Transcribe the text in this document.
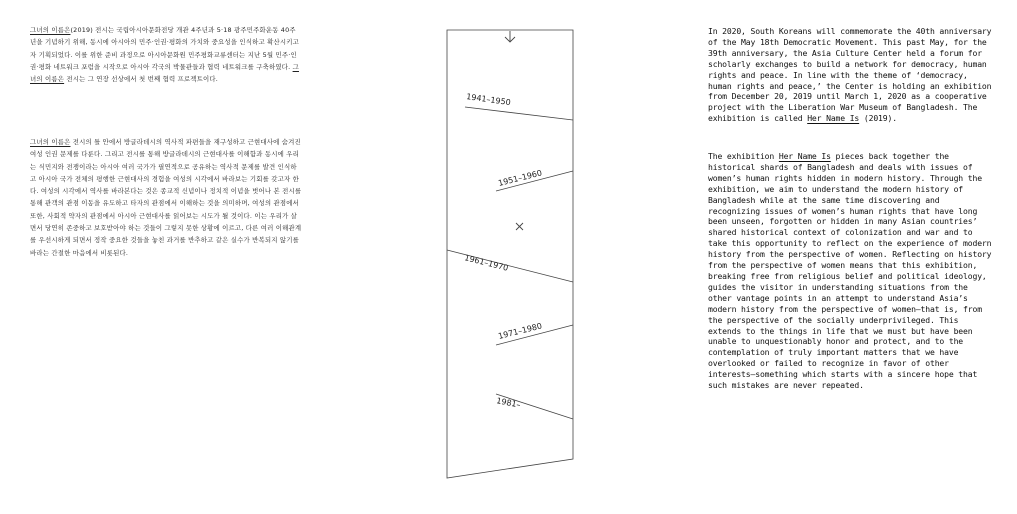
그녀의 이름은(2019) 전시는 국립아시아문화전당 개관 4주년과 5·18 광주민주화운동 40주년을 기념하기 위해, 동시에 아시아의 민주·인권·평화의 가치와 중요성을 인식하고 확산시키고자 기획되었다. 이를 위한 준비 과정으로 아시아문화원 민주평화교류센터는 지난 5월 민주·인권·평화 네트워크 포럼을 시작으로 아시아 각국의 박물관들과 협력 네트워크를 구축하였다. 그녀의 이름은 전시는 그 연장 선상에서 첫 번째 협력 프로젝트이다.

그녀의 이름은 전시의 틀 안에서 방글라데시의 역사적 파편들을 재구성하고 근현대사에 숨겨진 여성 인권 문제를 다룬다. 그리고 전시를 통해 방글라데시의 근현대사를 이해함과 동시에 우리는 식민지와 전쟁이라는 아시아 여러 국가가 필연적으로 공유하는 역사적 문제를 발견 인식하고 아시아 국가 전체의 평행한 근현대사의 경험을 여성의 시각에서 바라보는 기회를 갖고자 한다. 여성의 시각에서 역사를 바라본다는 것은 종교적 신념이나 정치적 이념을 벗어나 본 전시를 통해 관객의 관점 이동을 유도하고 타자의 관점에서 이해하는 것을 의미하며, 여성의 관점에서 또한, 사회적 약자의 관점에서 아시아 근현대사를 읽어보는 시도가 될 것이다. 이는 우리가 살면서 당연히 존중하고 보호받아야 하는 것들이 그렇지 못한 상황에 이르고, 다른 여러 이해관계를 우선시하게 되면서 정작 중요한 것들을 놓친 과거를 반추하고 같은 실수가 반복되지 않기를 바라는 간절한 마음에서 비롯된다.

1941–1950
1951–1960
1961–1970
1971–1980
1981–

In 2020, South Koreans will commemorate the 40th anniversary of the May 18th Democratic Movement. This past May, for the 39th anniversary, the Asia Culture Center held a forum for scholarly exchanges to build a network for democracy, human rights and peace. In line with the theme of ‘democracy, human rights and peace,’ the Center is holding an exhibition from December 20, 2019 until March 1, 2020 as a cooperative project with the Liberation War Museum of Bangladesh. The exhibition is called Her Name Is (2019).

The exhibition Her Name Is pieces back together the historical shards of Bangladesh and deals with issues of women’s human rights hidden in modern history. Through the exhibition, we aim to understand the modern history of Bangladesh while at the same time discovering and recognizing issues of women’s human rights that have long been unseen, forgotten or hidden in many Asian countries’ shared historical context of colonization and war and to take this opportunity to reflect on the experience of modern history from the perspective of women. Reflecting on history from the perspective of women means that this exhibition, breaking free from religious belief and political ideology, guides the visitor in understanding situations from the other vantage points in an attempt to understand Asia’s modern history from the perspective of women—that is, from the perspective of the socially underprivileged. This extends to the things in life that we must but have been unable to unquestionably honor and protect, and to the contemplation of truly important matters that we have overlooked or failed to recognize in favor of other interests—something which starts with a sincere hope that such mistakes are never repeated.
